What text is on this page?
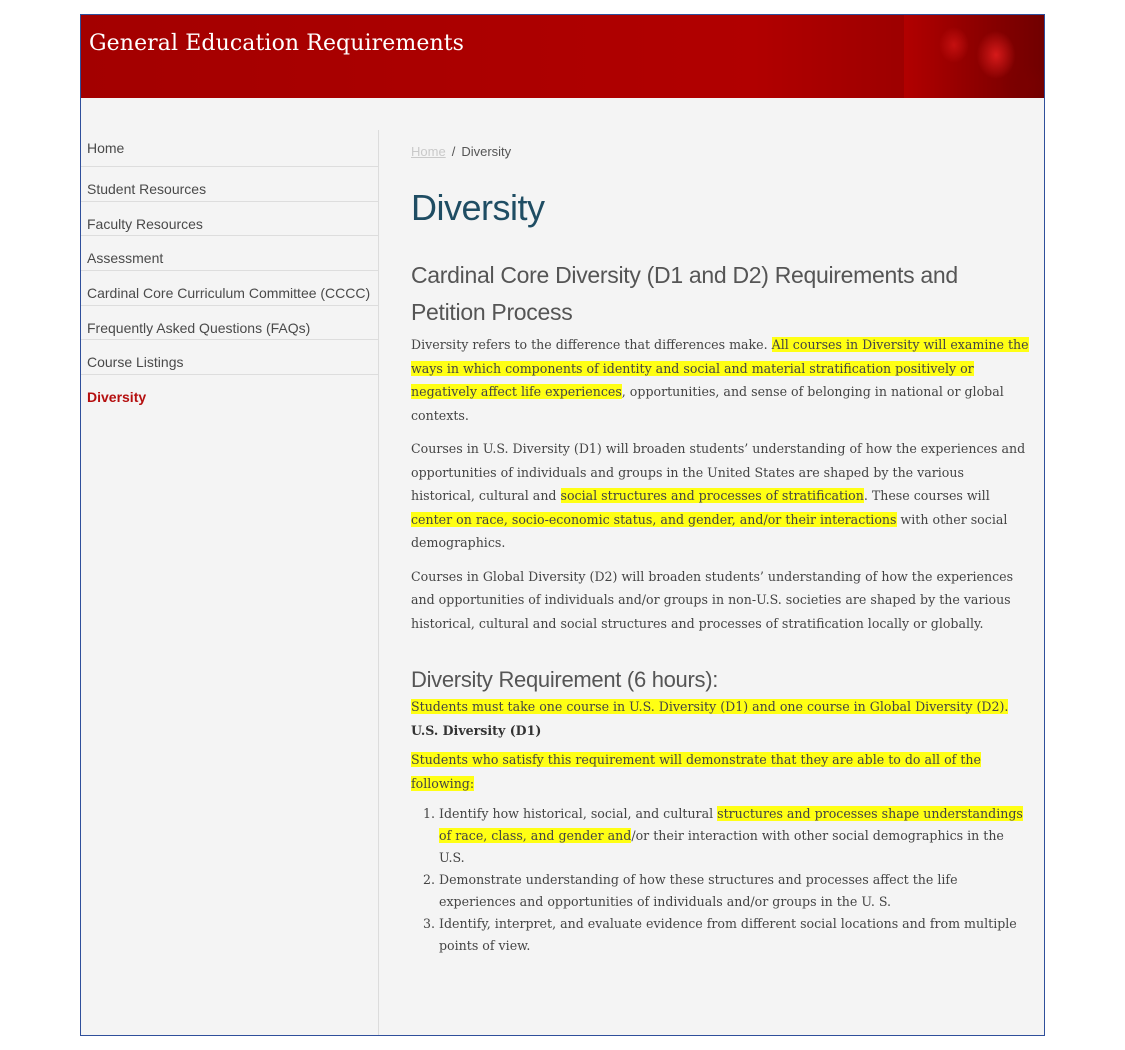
General Education Requirements
Home
Student Resources
Faculty Resources
Assessment
Cardinal Core Curriculum Committee (CCCC)
Frequently Asked Questions (FAQs)
Course Listings
Diversity
Home / Diversity
Diversity
Cardinal Core Diversity (D1 and D2) Requirements and Petition Process

Diversity refers to the difference that differences make. All courses in Diversity will examine the ways in which components of identity and social and material stratification positively or negatively affect life experiences, opportunities, and sense of belonging in national or global contexts.

Courses in U.S. Diversity (D1) will broaden students’ understanding of how the experiences and opportunities of individuals and groups in the United States are shaped by the various historical, cultural and social structures and processes of stratification. These courses will center on race, socio-economic status, and gender, and/or their interactions with other social demographics.

Courses in Global Diversity (D2) will broaden students’ understanding of how the experiences and opportunities of individuals and/or groups in non-U.S. societies are shaped by the various historical, cultural and social structures and processes of stratification locally or globally.

Diversity Requirement (6 hours):

Students must take one course in U.S. Diversity (D1) and one course in Global Diversity (D2).

U.S. Diversity (D1)

Students who satisfy this requirement will demonstrate that they are able to do all of the following:

1. Identify how historical, social, and cultural structures and processes shape understandings of race, class, and gender and/or their interaction with other social demographics in the U.S.
2. Demonstrate understanding of how these structures and processes affect the life experiences and opportunities of individuals and/or groups in the U. S.
3. Identify, interpret, and evaluate evidence from different social locations and from multiple points of view.
